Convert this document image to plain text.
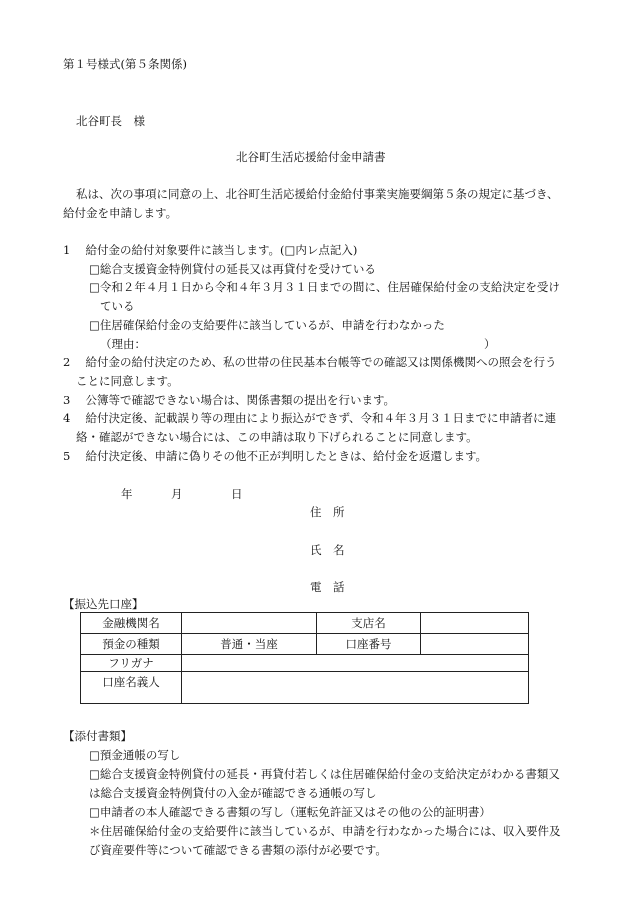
第１号様式(第５条関係)
北谷町長　様
北谷町生活応援給付金申請書
私は、次の事項に同意の上、北谷町生活応援給付金給付事業実施要綱第５条の規定に基づき、
給付金を申請します。
1　 給付金の給付対象要件に該当します。(□内レ点記入)
□総合支援資金特例貸付の延長又は再貸付を受けている
□令和２年４月１日から令和４年３月３１日までの間に、住居確保給付金の支給決定を受け
ている
□住居確保給付金の支給要件に該当しているが、申請を行わなかった
（理由：	）
2　 給付金の給付決定のため、私の世帯の住民基本台帳等での確認又は関係機関への照会を行う
ことに同意します。
3　 公簿等で確認できない場合は、関係書類の提出を行います。
4　 給付決定後、記載誤り等の理由により振込ができず、令和４年３月３１日までに申請者に連
絡・確認ができない場合には、この申請は取り下げられることに同意します。
5　 給付決定後、申請に偽りその他不正が判明したときは、給付金を返還します。
年	月	日
住　所
氏　名
電　話
【振込先口座】
金融機関名		支店名	
預金の種類	普通・当座	口座番号	
フリガナ			
口座名義人			
【添付書類】
□預金通帳の写し
□総合支援資金特例貸付の延長・再貸付若しくは住居確保給付金の支給決定がわかる書類又
は総合支援資金特例貸付の入金が確認できる通帳の写し
□申請者の本人確認できる書類の写し（運転免許証又はその他の公的証明書）
＊住居確保給付金の支給要件に該当しているが、申請を行わなかった場合には、収入要件及
び資産要件等について確認できる書類の添付が必要です。
